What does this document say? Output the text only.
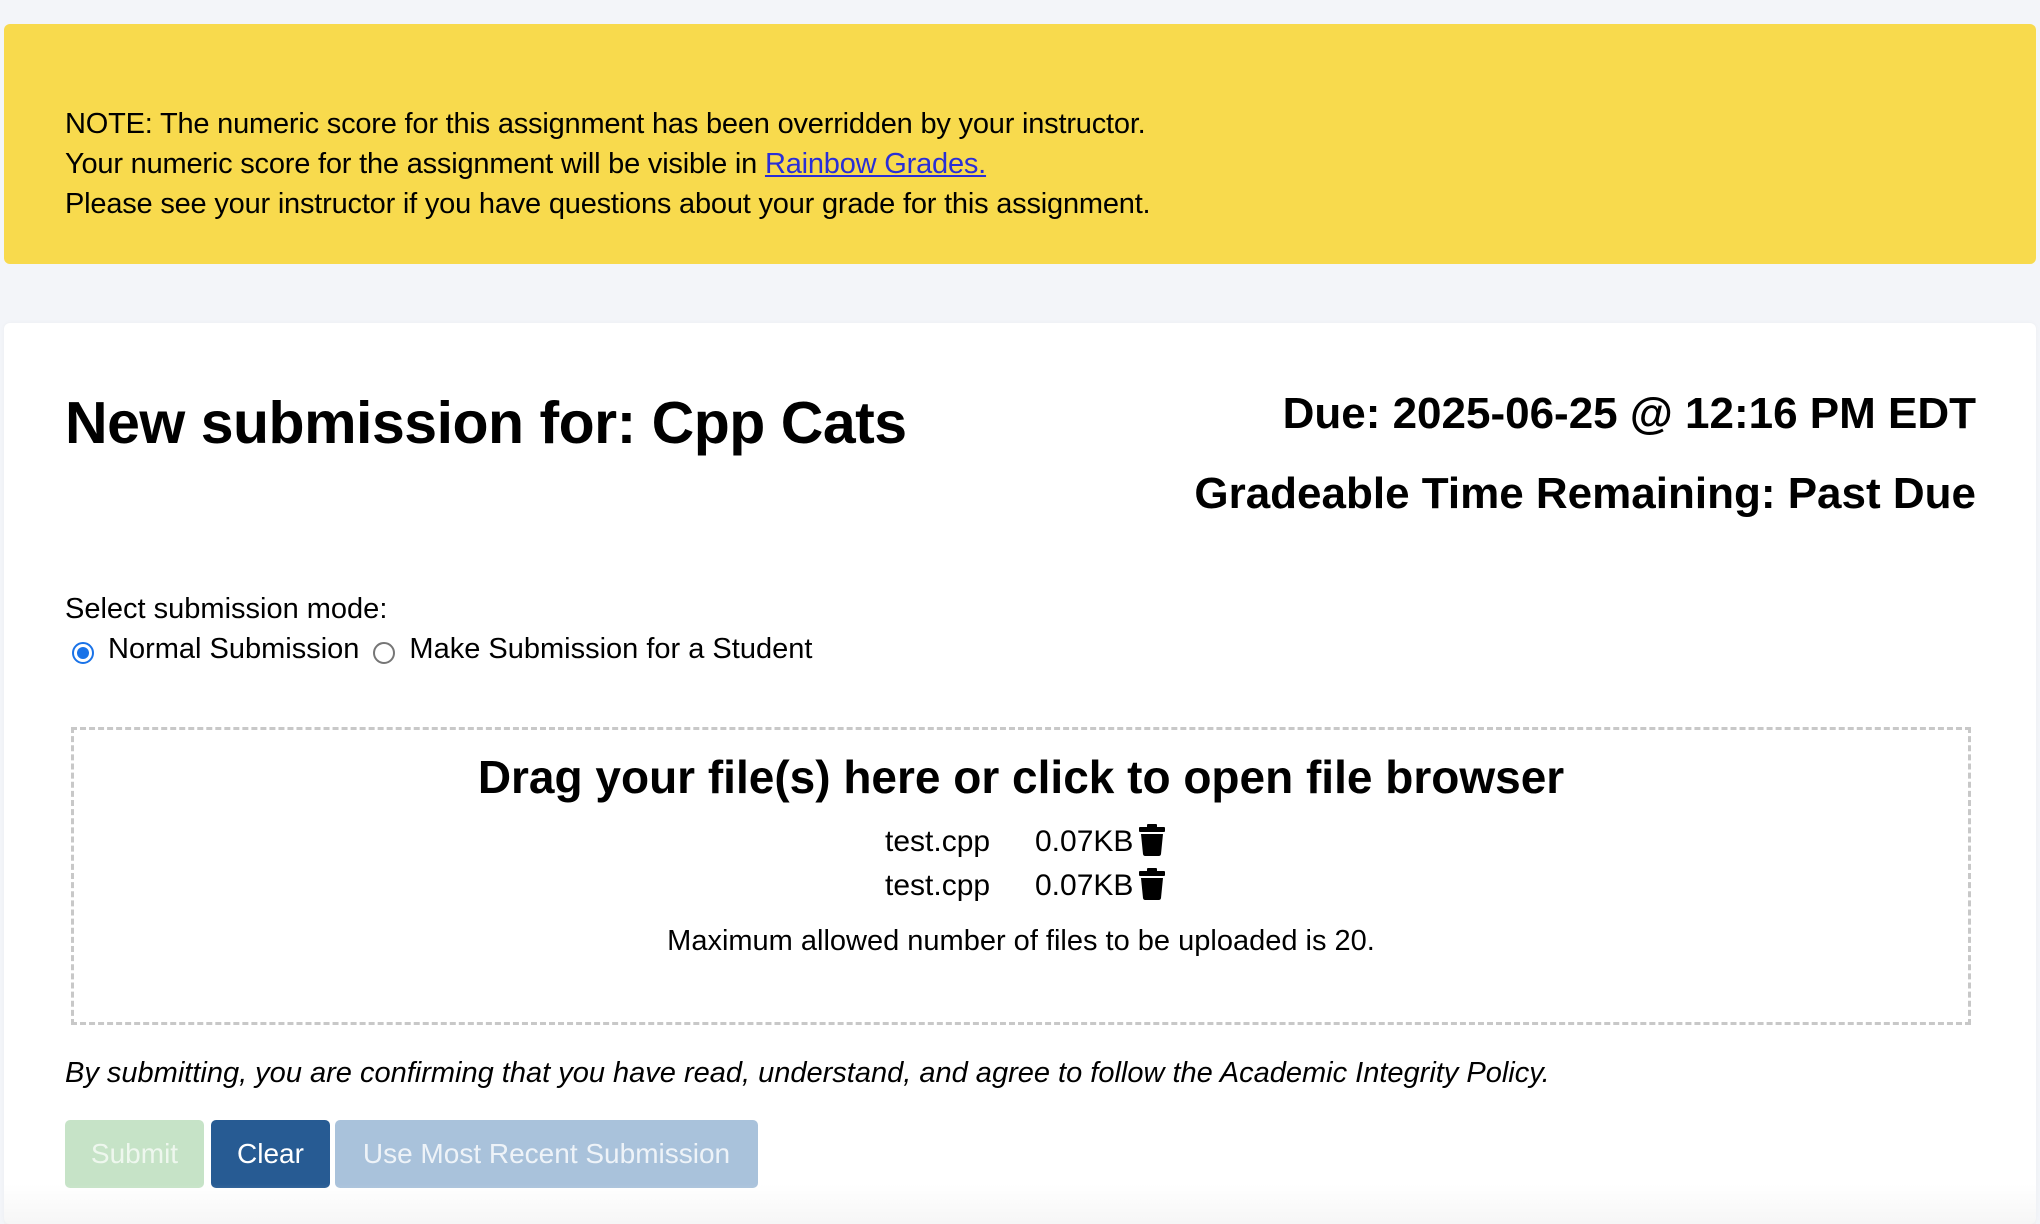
NOTE: The numeric score for this assignment has been overridden by your instructor.
Your numeric score for the assignment will be visible in Rainbow Grades.
Please see your instructor if you have questions about your grade for this assignment.
New submission for: Cpp Cats	Due: 2025-06-25 @ 12:16 PM EDT
Gradeable Time Remaining: Past Due
Select submission mode:
Normal Submission Make Submission for a Student
Drag your file(s) here or click to open file browser
test.cpp	0.07KB
test.cpp	0.07KB
Maximum allowed number of files to be uploaded is 20.
By submitting, you are confirming that you have read, understand, and agree to follow the Academic Integrity Policy.
Submit	Clear	Use Most Recent Submission
